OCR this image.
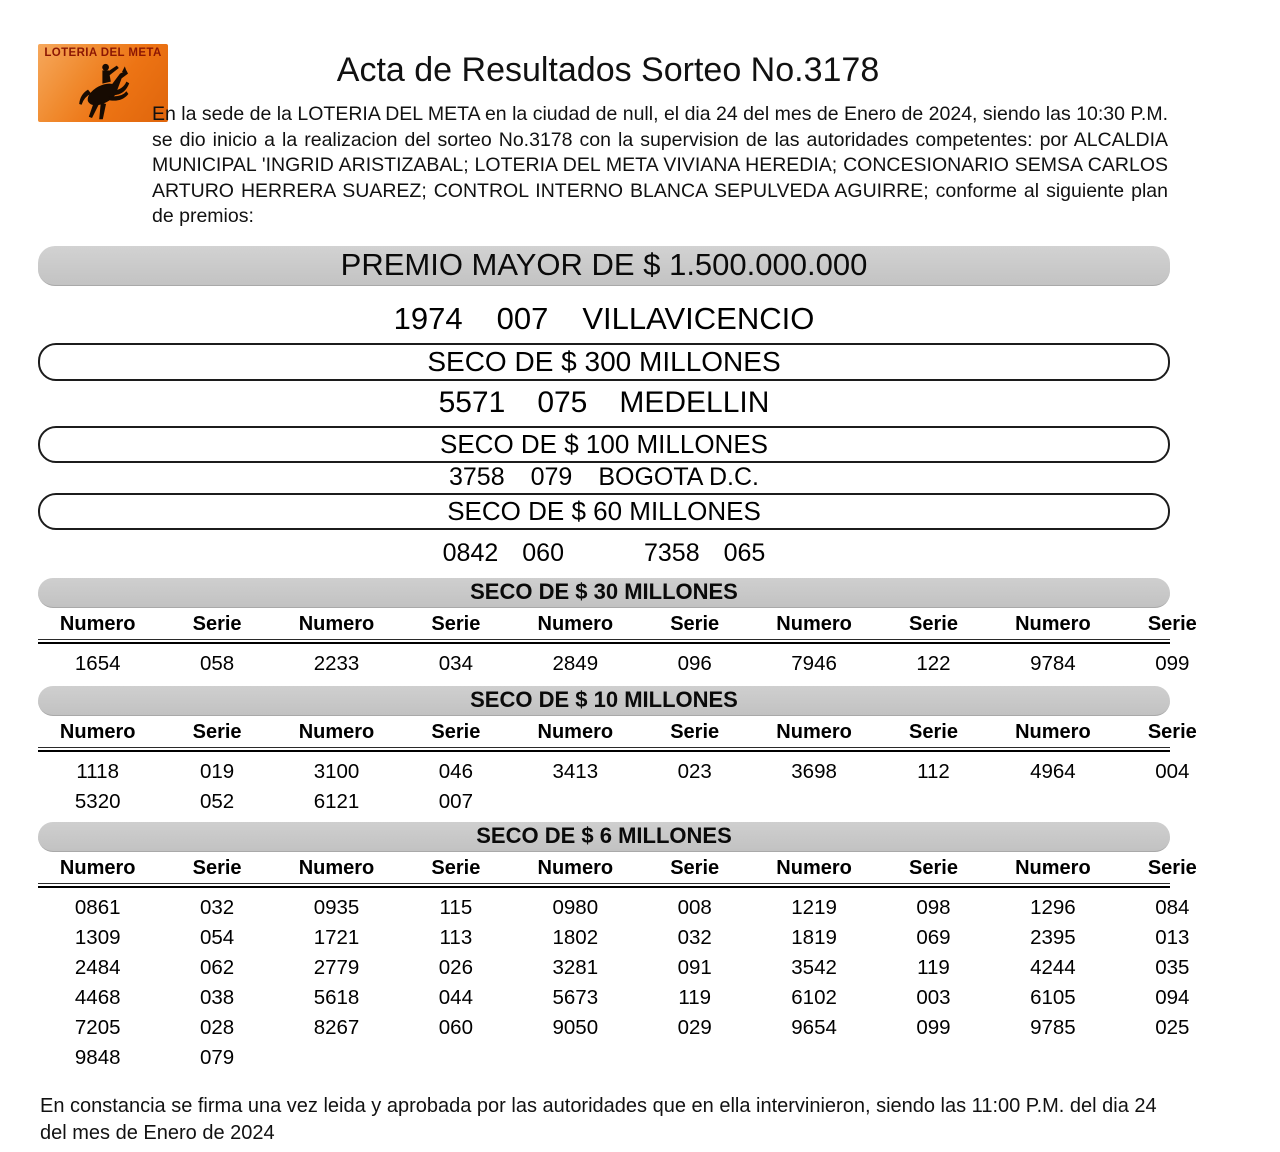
LOTERIA DEL META	Acta de Resultados Sorteo No.3178
En la sede de la LOTERIA DEL META en la ciudad de null, el dia 24 del mes de Enero de 2024, siendo las 10:30 P.M. se dio inicio a la realizacion del sorteo No.3178 con la supervision de las autoridades competentes: por ALCALDIA MUNICIPAL 'INGRID ARISTIZABAL; LOTERIA DEL META VIVIANA HEREDIA; CONCESIONARIO SEMSA CARLOS ARTURO HERRERA SUAREZ; CONTROL INTERNO BLANCA SEPULVEDA AGUIRRE; conforme al siguiente plan de premios:
PREMIO MAYOR DE $ 1.500.000.000
1974 007 VILLAVICENCIO
SECO DE $ 300 MILLONES
5571 075 MEDELLIN
SECO DE $ 100 MILLONES
3758 079 BOGOTA D.C.
SECO DE $ 60 MILLONES
0842 060	7358 065
SECO DE $ 30 MILLONES
Numero	Serie	Numero	Serie	Numero	Serie	Numero	Serie	Numero	Serie
1654	058	2233	034	2849	096	7946	122	9784	099
SECO DE $ 10 MILLONES
Numero	Serie	Numero	Serie	Numero	Serie	Numero	Serie	Numero	Serie
1118	019	3100	046	3413	023	3698	112	4964	004
5320	052	6121	007
SECO DE $ 6 MILLONES
Numero	Serie	Numero	Serie	Numero	Serie	Numero	Serie	Numero	Serie
0861	032	0935	115	0980	008	1219	098	1296	084
1309	054	1721	113	1802	032	1819	069	2395	013
2484	062	2779	026	3281	091	3542	119	4244	035
4468	038	5618	044	5673	119	6102	003	6105	094
7205	028	8267	060	9050	029	9654	099	9785	025
9848	079
En constancia se firma una vez leida y aprobada por las autoridades que en ella intervinieron, siendo las 11:00 P.M. del dia 24 del mes de Enero de 2024
